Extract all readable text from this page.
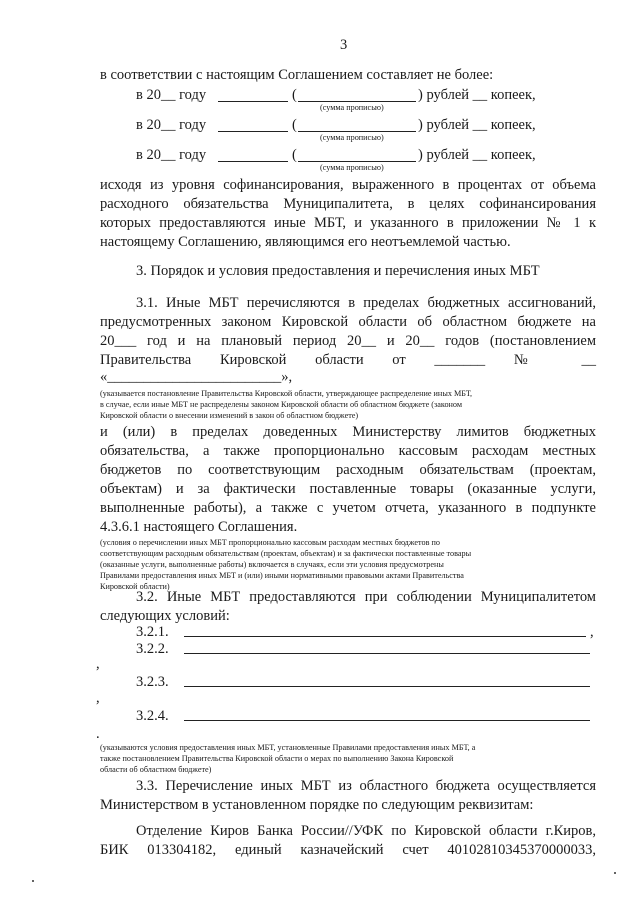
3
в соответствии с настоящим Соглашением составляет не более:
в 20__ году	(	) рублей __ копеек,
(сумма прописью)
в 20__ году	(	) рублей __ копеек,
(сумма прописью)
в 20__ году	(	) рублей __ копеек,
(сумма прописью)
исходя из уровня софинансирования, выраженного в процентах от объема
расходного обязательства Муниципалитета, в целях софинансирования
которых предоставляются иные МБТ, и указанного в приложении № 1 к
настоящему Соглашению, являющимся его неотъемлемой частью.
3. Порядок и условия предоставления и перечисления иных МБТ
3.1. Иные МБТ перечисляются в пределах бюджетных ассигнований,
предусмотренных законом Кировской области об областном бюджете на
20___ год и на плановый период 20__ и 20__ годов (постановлением
Правительства Кировской области от _______ № __
«________________________»,
(указывается постановление Правительства Кировской области, утверждающее распределение иных МБТ,
в случае, если иные МБТ не распределены законом Кировской области об областном бюджете (законом
Кировской области о внесении изменений в закон об областном бюджете)
и (или) в пределах доведенных Министерству лимитов бюджетных
обязательства, а также пропорционально кассовым расходам местных
бюджетов по соответствующим расходным обязательствам (проектам,
объектам) и за фактически поставленные товары (оказанные услуги,
выполненные работы), а также с учетом отчета, указанного в подпункте
4.3.6.1 настоящего Соглашения.
(условия о перечислении иных МБТ пропорционально кассовым расходам местных бюджетов по
соответствующим расходным обязательствам (проектам, объектам) и за фактически поставленные товары
(оказанные услуги, выполненные работы) включается в случаях, если эти условия предусмотрены
Правилами предоставления иных МБТ и (или) иными нормативными правовыми актами Правительства
Кировской области)
3.2. Иные МБТ предоставляются при соблюдении Муниципалитетом
следующих условий:
3.2.1.	,
3.2.2.
,
3.2.3.
,
3.2.4.
.
(указываются условия предоставления иных МБТ, установленные Правилами предоставления иных МБТ, а
также постановлением Правительства Кировской области о мерах по выполнению Закона Кировской
области об областном бюджете)
3.3. Перечисление иных МБТ из областного бюджета осуществляется
Министерством в установленном порядке по следующим реквизитам:
Отделение Киров Банка России//УФК по Кировской области г.Киров,
БИК 013304182, единый казначейский счет 40102810345370000033,
